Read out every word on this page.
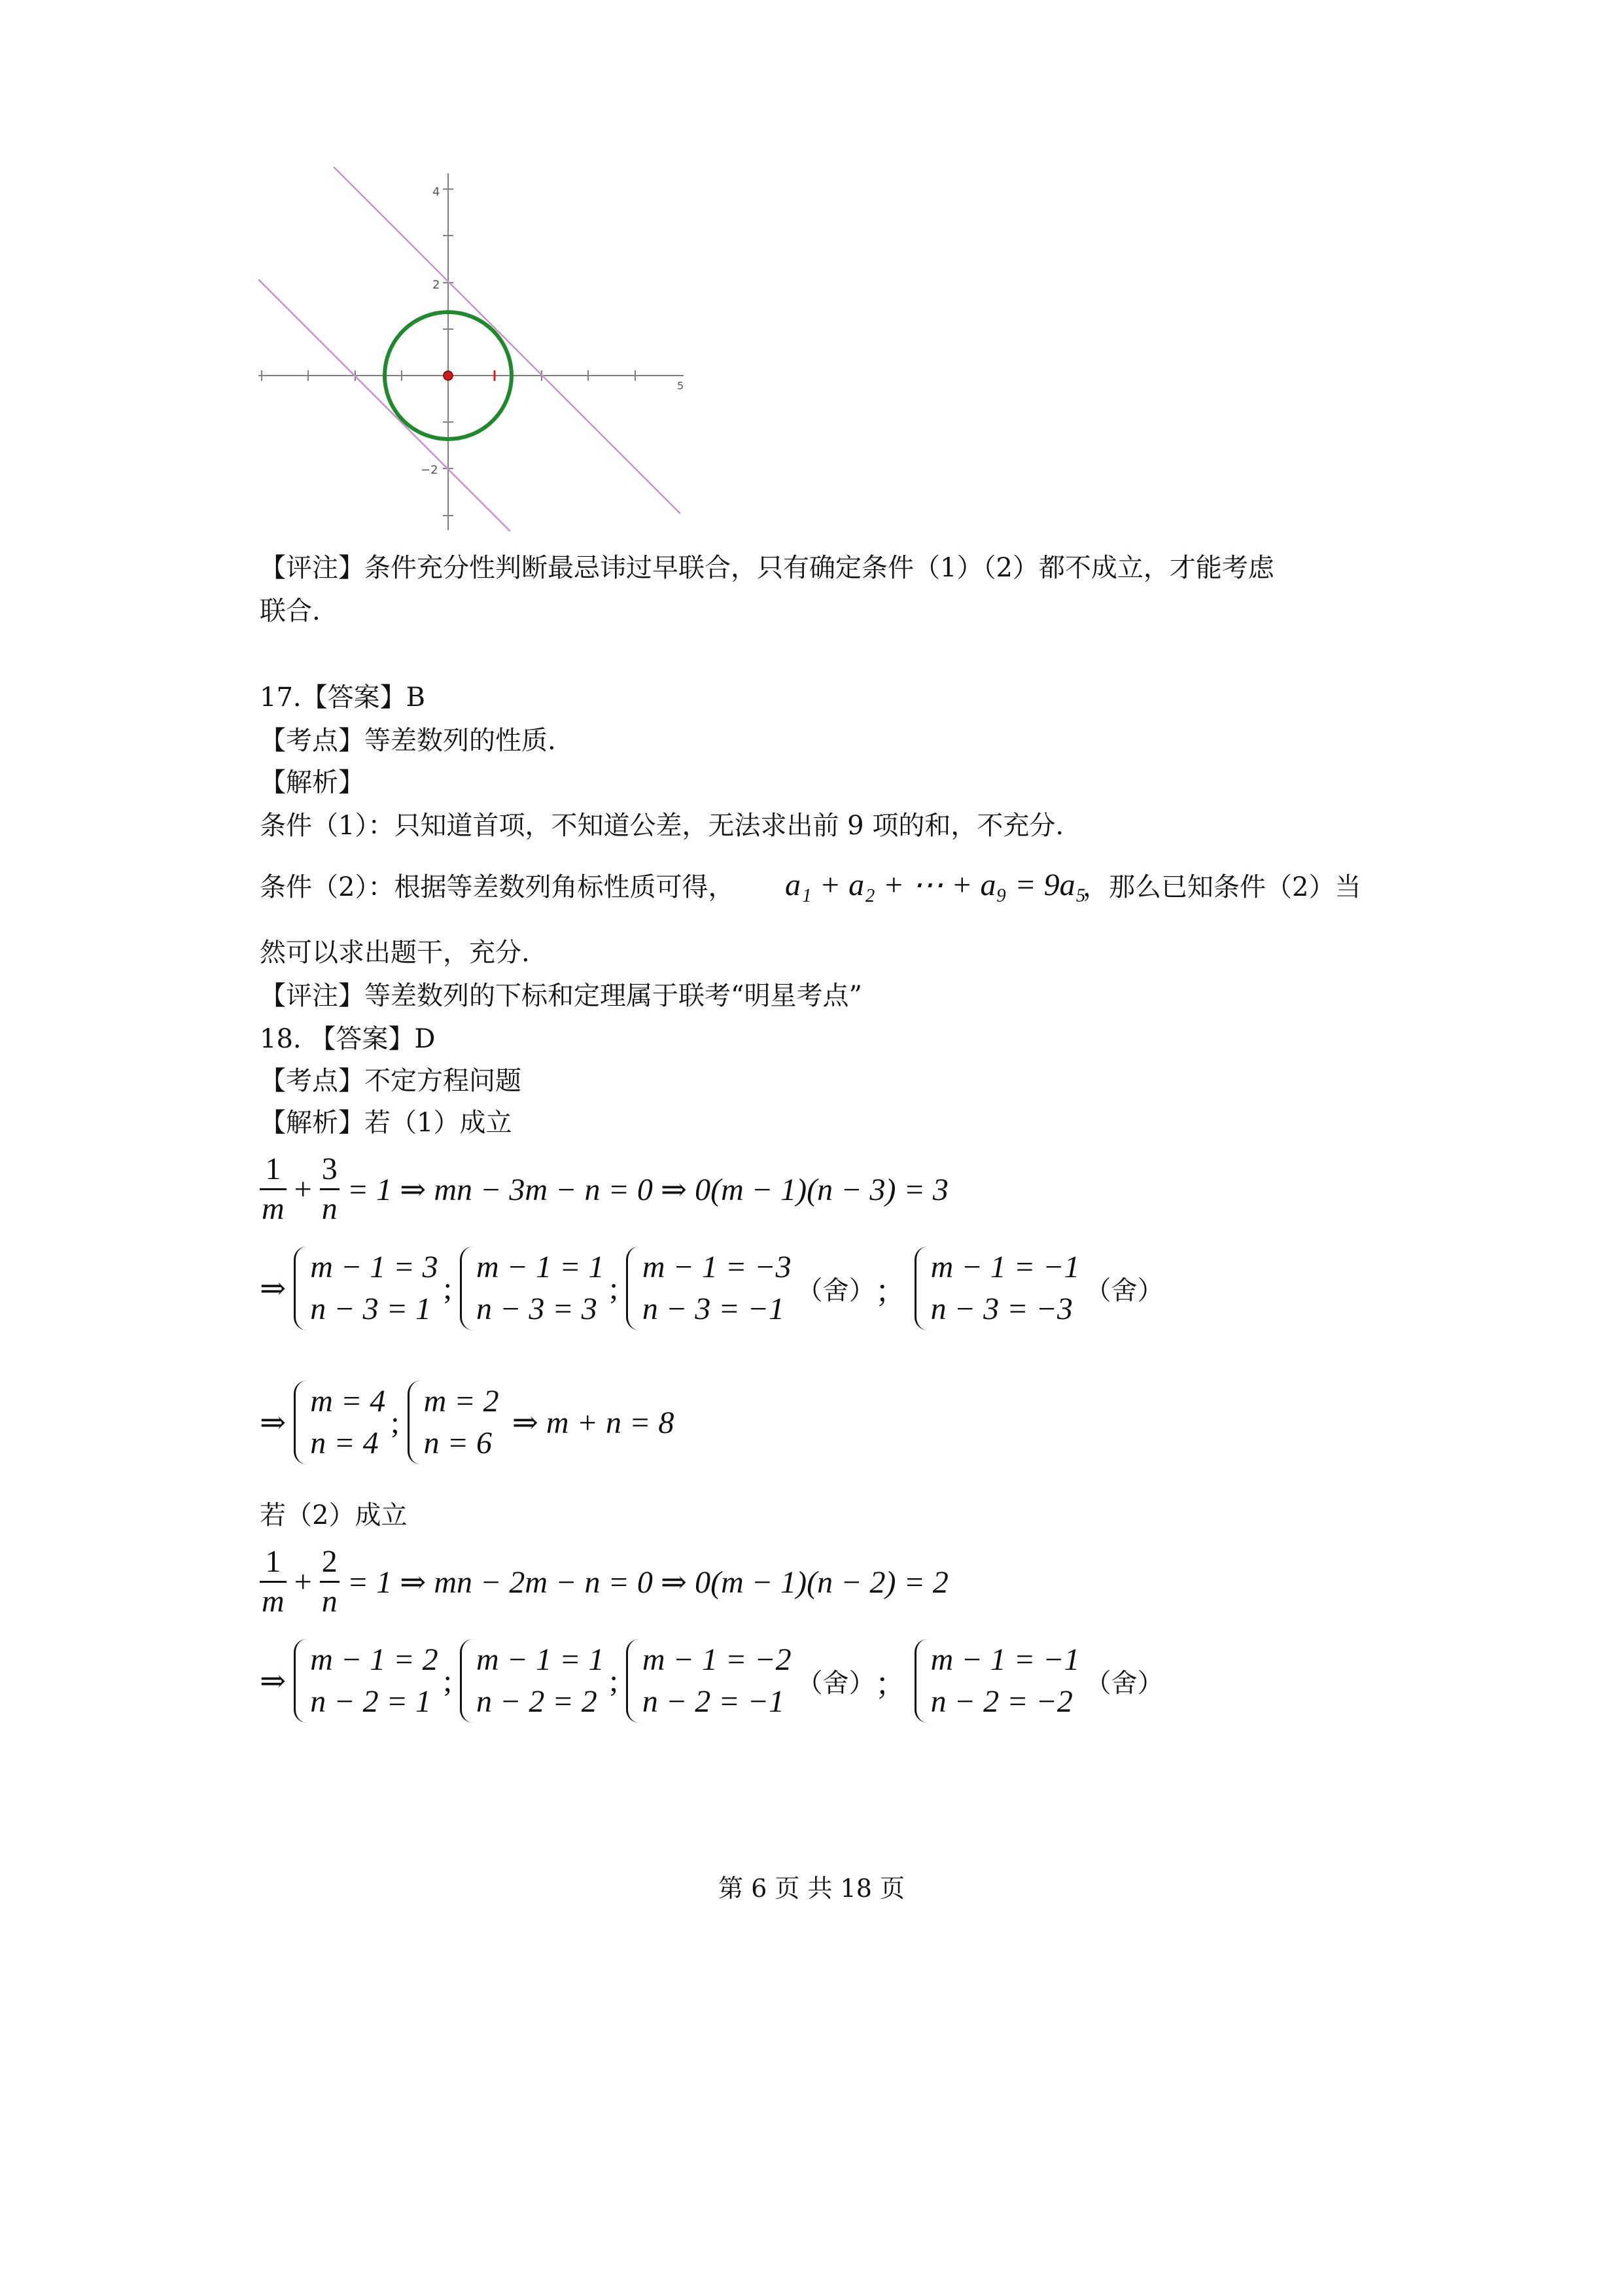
4
2
−2
5
【评注】条件充分性判断最忌讳过早联合，只有确定条件（1）（2）都不成立，才能考虑
联合.
17.【答案】B
【考点】等差数列的性质.
【解析】
条件（1）：只知道首项，不知道公差，无法求出前 9 项的和，不充分.
条件（2）：根据等差数列角标性质可得， a₁ + a₂ + ⋯ + a₉ = 9a₅
，那么已知条件（2）当
然可以求出题干，充分.
【评注】等差数列的下标和定理属于联考“明星考点”
18. 【答案】D
【考点】不定方程问题
【解析】若（1）成立
$\frac{1}{m} + \frac{3}{n} = 1$ ⇒ mn − 3m − n = 0 ⇒ 0(m − 1)(n − 3) = 3
⇒
m − 1 = 3
n − 3 = 1
;
m − 1 = 1
n − 3 = 3
;
m − 1 = −3
n − 3 = −1
（舍）；
m − 1 = −1
n − 3 = −3
（舍）
⇒
m = 4
n = 4
;
m = 2
n = 6
⇒ m + n = 8
若（2）成立
$\frac{1}{m} + \frac{2}{n} = 1$ ⇒ mn − 2m − n = 0 ⇒ 0(m − 1)(n − 2) = 2
⇒
m − 1 = 2
n − 2 = 1
;
m − 1 = 1
n − 2 = 2
;
m − 1 = −2
n − 2 = −1
（舍）；
m − 1 = −1
n − 2 = −2
（舍）
第 6 页 共 18 页
